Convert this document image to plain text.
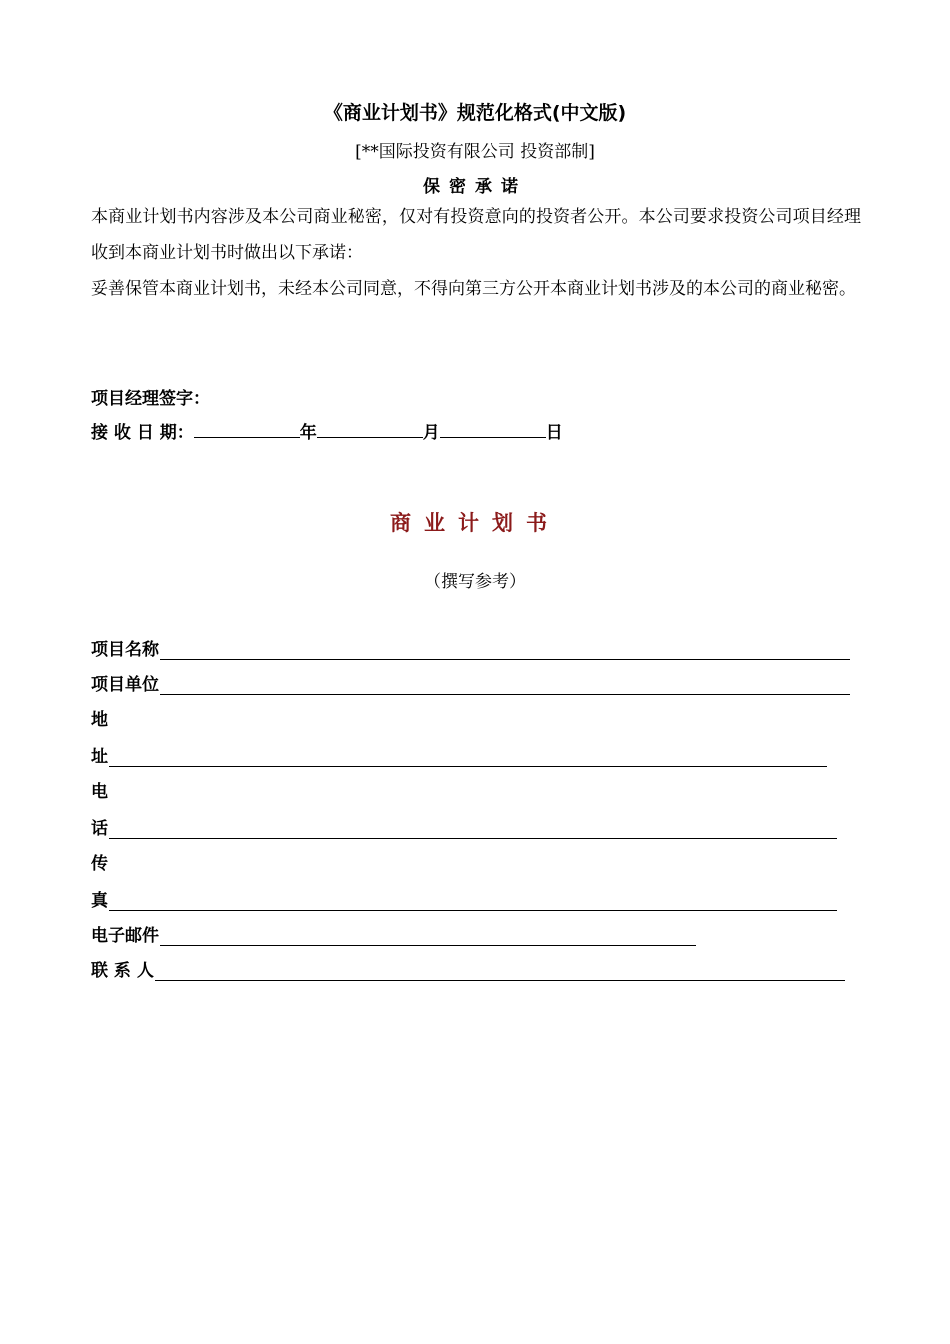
《商业计划书》规范化格式(中文版)
[**国际投资有限公司 投资部制]
保密承诺
本商业计划书内容涉及本公司商业秘密，仅对有投资意向的投资者公开。本公司要求投资公司项目经理收到本商业计划书时做出以下承诺：
妥善保管本商业计划书，未经本公司同意，不得向第三方公开本商业计划书涉及的本公司的商业秘密。
项目经理签字：
接 收 日 期：	年	月	日
商业计划书
（撰写参考）
项目名称
项目单位
地
址
电
话
传
真
电子邮件
联 系 人
